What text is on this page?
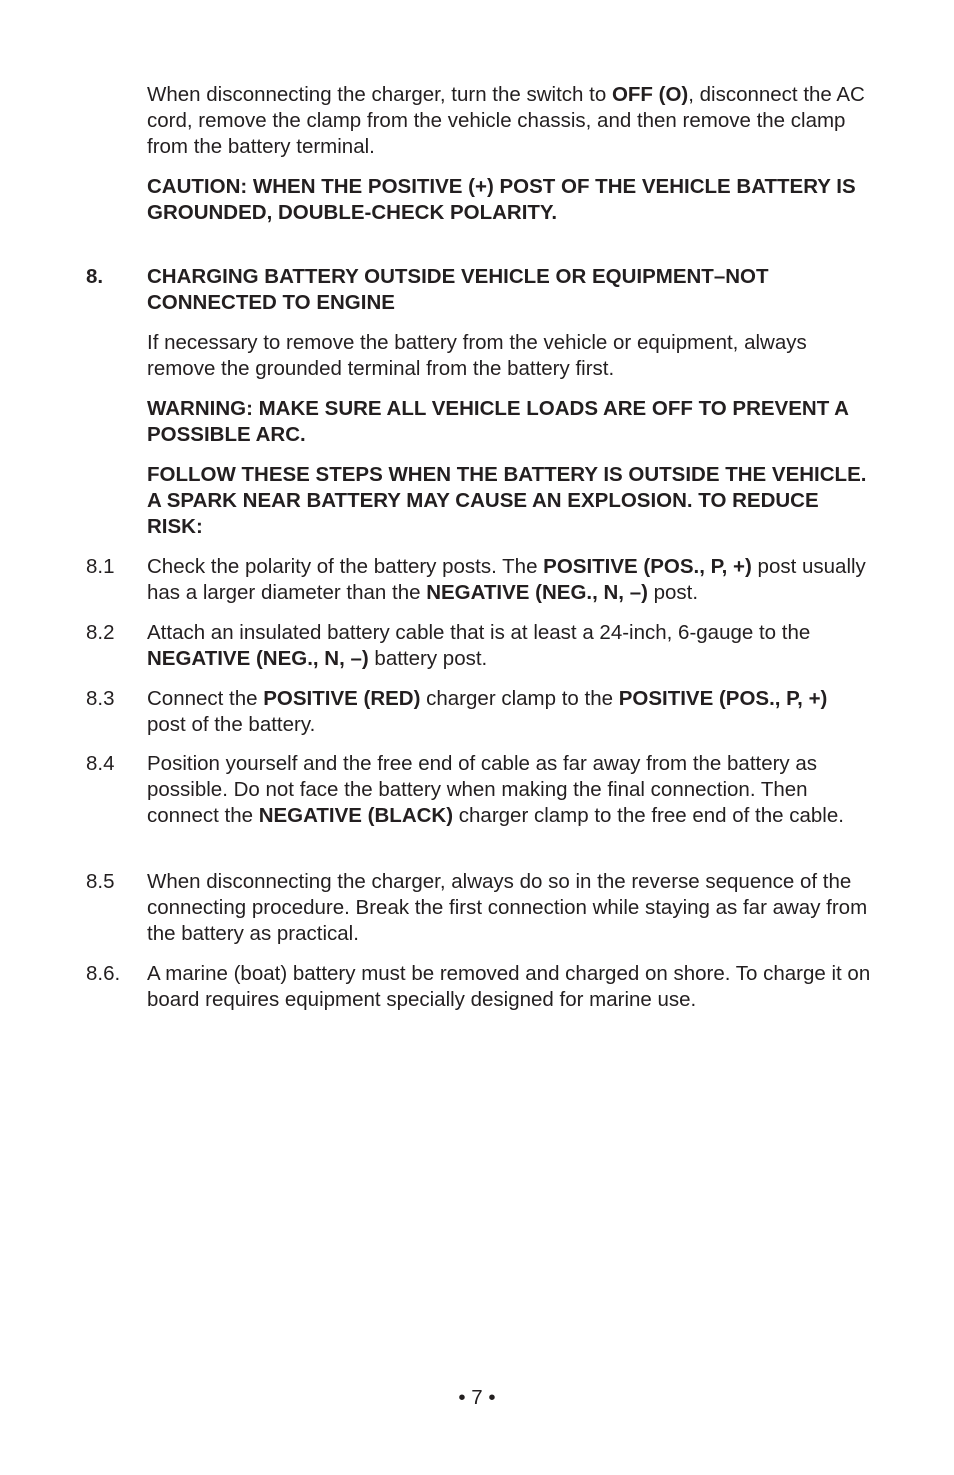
When disconnecting the charger, turn the switch to OFF (O), disconnect the AC cord, remove the clamp from the vehicle chassis, and then remove the clamp from the battery terminal.

CAUTION: WHEN THE POSITIVE (+) POST OF THE VEHICLE BATTERY IS GROUNDED, DOUBLE-CHECK POLARITY.

8.	CHARGING BATTERY OUTSIDE VEHICLE OR EQUIPMENT–NOT CONNECTED TO ENGINE

If necessary to remove the battery from the vehicle or equipment, always remove the grounded terminal from the battery first.

WARNING: MAKE SURE ALL VEHICLE LOADS ARE OFF TO PREVENT A POSSIBLE ARC.

FOLLOW THESE STEPS WHEN THE BATTERY IS OUTSIDE THE VEHICLE. A SPARK NEAR BATTERY MAY CAUSE AN EXPLOSION. TO REDUCE RISK:

8.1	Check the polarity of the battery posts. The POSITIVE (POS., P, +) post usually has a larger diameter than the NEGATIVE (NEG., N, –) post.
8.2	Attach an insulated battery cable that is at least a 24-inch, 6-gauge to the NEGATIVE (NEG., N, –) battery post.
8.3	Connect the POSITIVE (RED) charger clamp to the POSITIVE (POS., P, +) post of the battery.
8.4	Position yourself and the free end of cable as far away from the battery as possible. Do not face the battery when making the final connection. Then connect the NEGATIVE (BLACK) charger clamp to the free end of the cable.
8.5	When disconnecting the charger, always do so in the reverse sequence of the connecting procedure. Break the first connection while staying as far away from the battery as practical.
8.6.	A marine (boat) battery must be removed and charged on shore. To charge it on board requires equipment specially designed for marine use.
• 7 •
